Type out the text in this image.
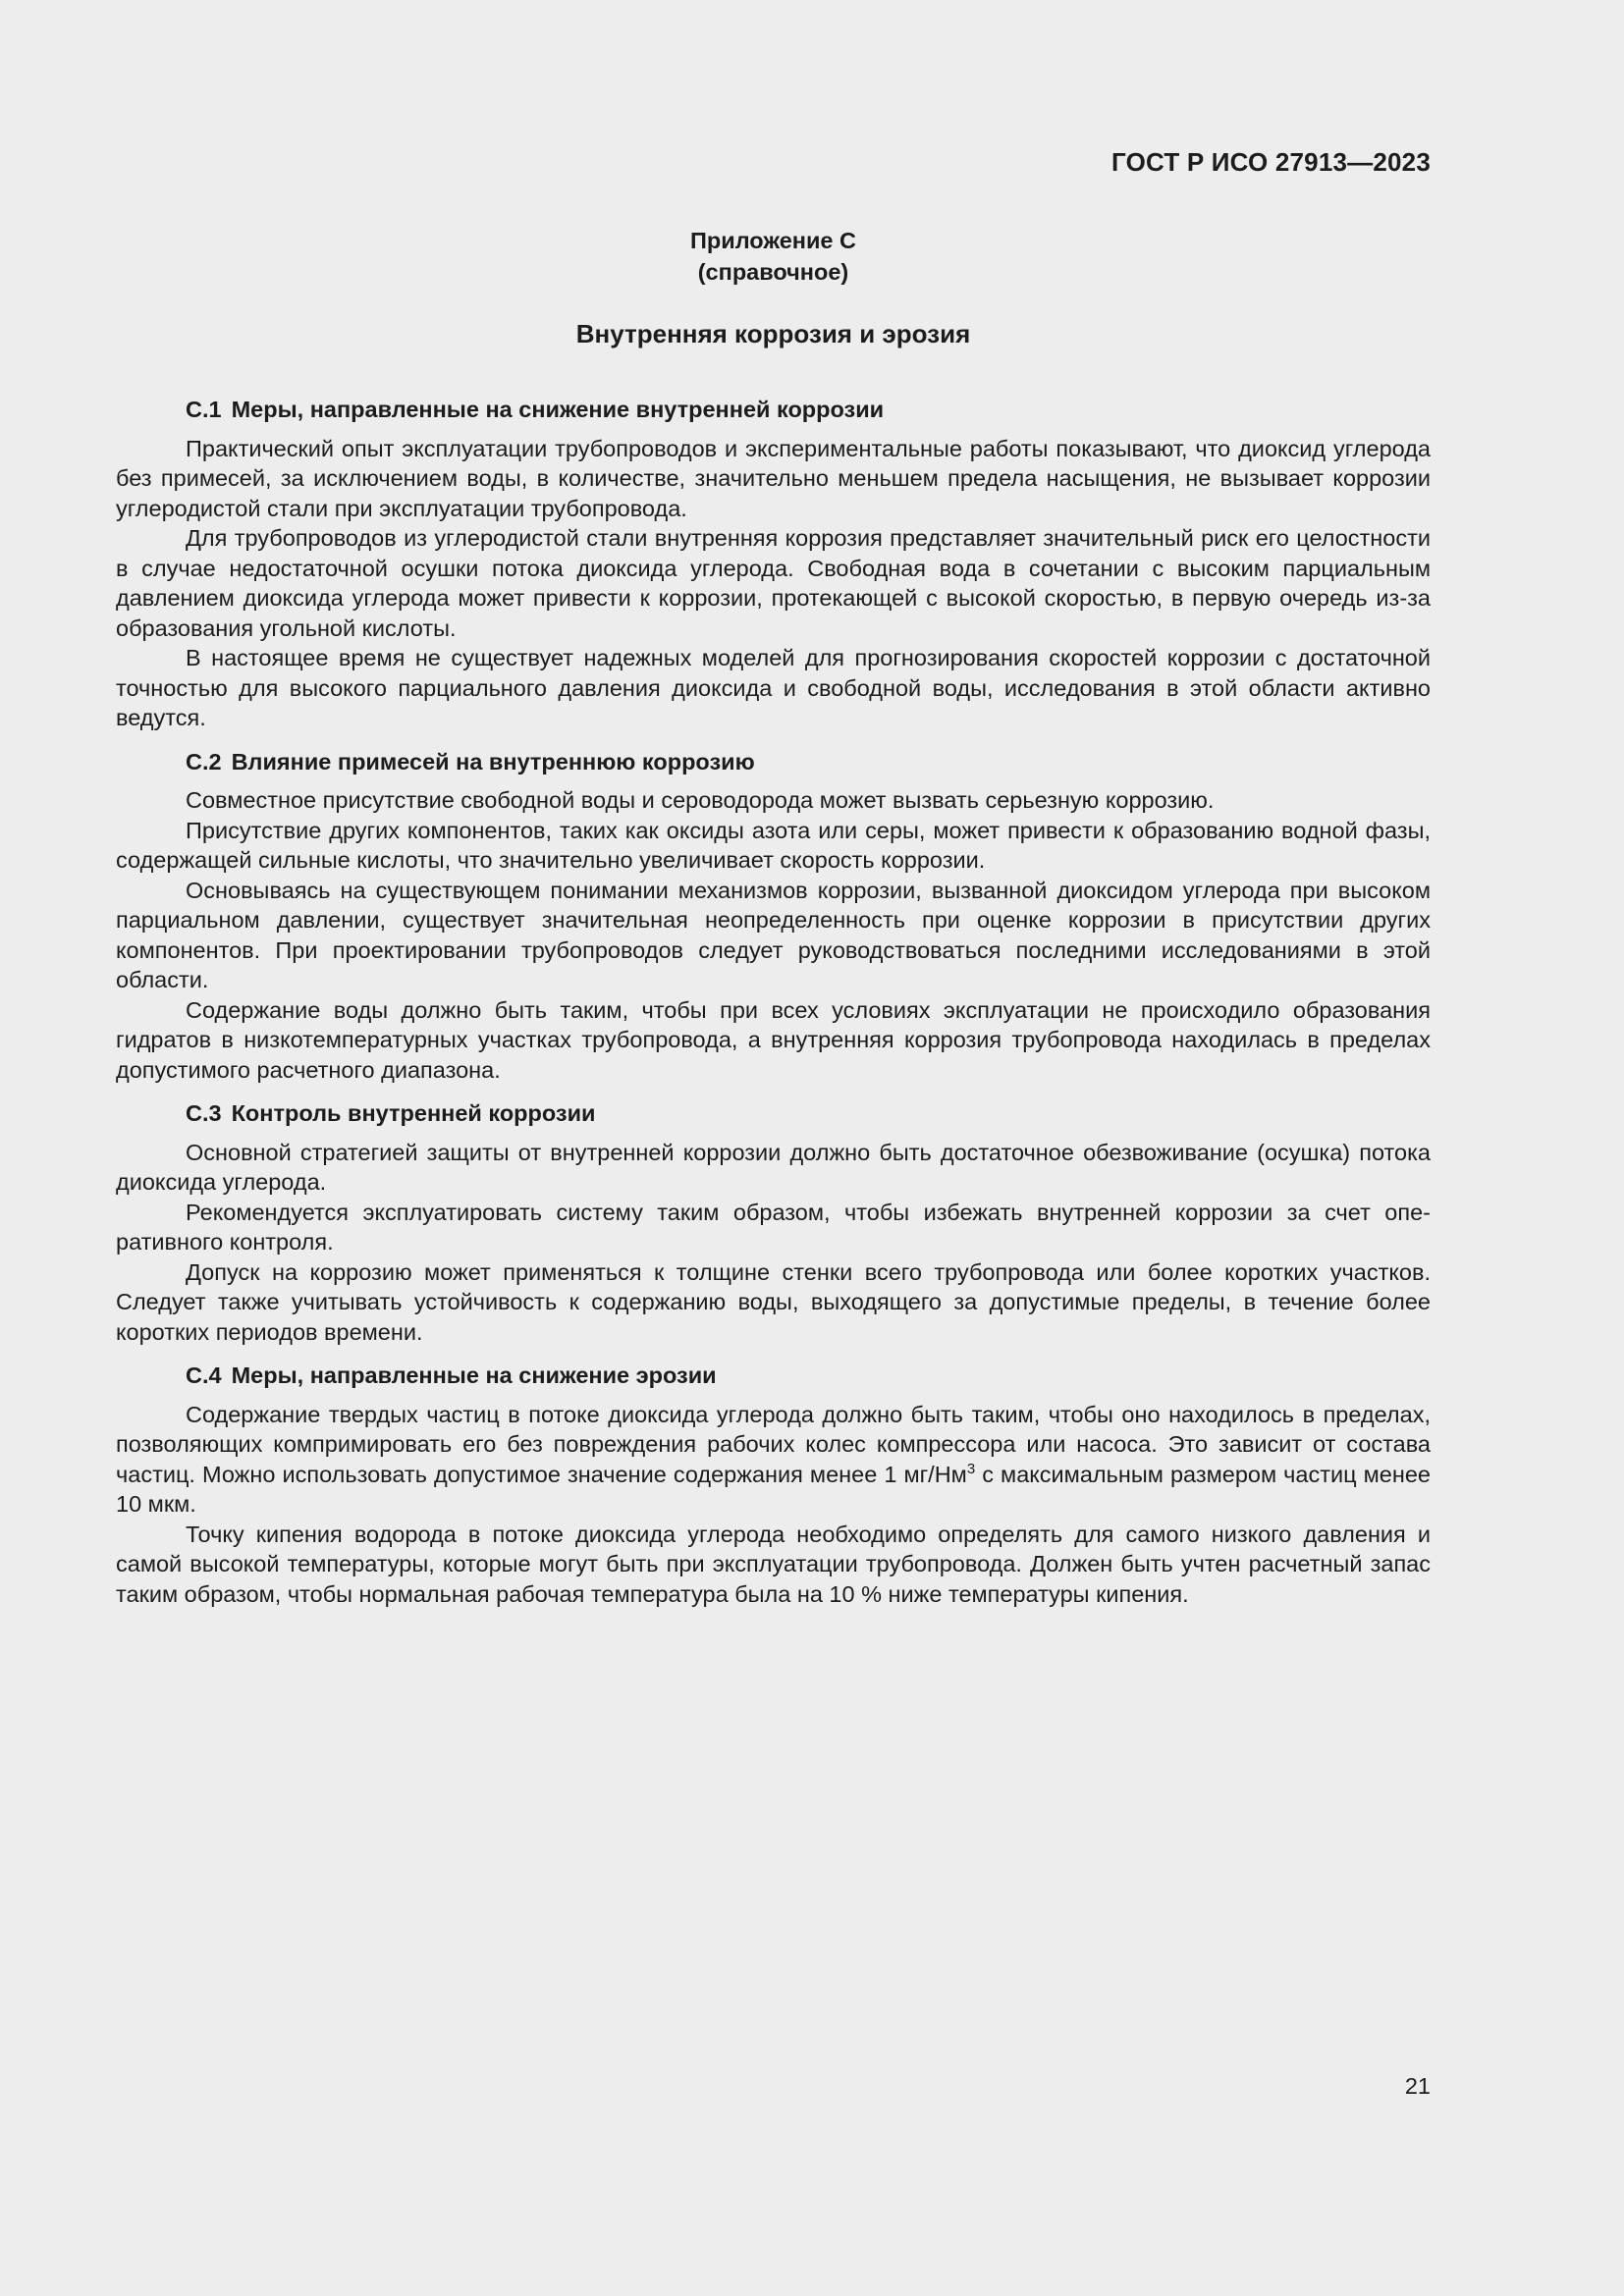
ГОСТ Р ИСО 27913—2023
Приложение С
(справочное)
Внутренняя коррозия и эрозия
С.1 Меры, направленные на снижение внутренней коррозии

Практический опыт эксплуатации трубопроводов и экспериментальные работы показывают, что диоксид углерода без примесей, за исключением воды, в количестве, значительно меньшем предела насыщения, не вызывает коррозии углеродистой стали при эксплуатации трубопровода.

Для трубопроводов из углеродистой стали внутренняя коррозия представляет значительный риск его целостности в случае недостаточной осушки потока диоксида углерода. Свободная вода в сочетании с высоким парциальным давлением диоксида углерода может привести к коррозии, протекающей с высокой скоростью, в первую очередь из-за образования угольной кислоты.

В настоящее время не существует надежных моделей для прогнозирования скоростей коррозии с достаточной точностью для высокого парциального давления диоксида и свободной воды, исследования в этой области активно ведутся.

С.2 Влияние примесей на внутреннюю коррозию

Совместное присутствие свободной воды и сероводорода может вызвать серьезную коррозию.

Присутствие других компонентов, таких как оксиды азота или серы, может привести к образованию водной фазы, содержащей сильные кислоты, что значительно увеличивает скорость коррозии.

Основываясь на существующем понимании механизмов коррозии, вызванной диоксидом углерода при высоком парциальном давлении, существует значительная неопределенность при оценке коррозии в присутствии других компонентов. При проектировании трубопроводов следует руководствоваться последними исследованиями в этой области.

Содержание воды должно быть таким, чтобы при всех условиях эксплуатации не происходило образования гидратов в низкотемпературных участках трубопровода, а внутренняя коррозия трубопровода находилась в пределах допустимого расчетного диапазона.

С.3 Контроль внутренней коррозии

Основной стратегией защиты от внутренней коррозии должно быть достаточное обезвоживание (осушка) потока диоксида углерода.

Рекомендуется эксплуатировать систему таким образом, чтобы избежать внутренней коррозии за счет оперативного контроля.

Допуск на коррозию может применяться к толщине стенки всего трубопровода или более коротких участков. Следует также учитывать устойчивость к содержанию воды, выходящего за допустимые пределы, в течение более коротких периодов времени.

С.4 Меры, направленные на снижение эрозии

Содержание твердых частиц в потоке диоксида углерода должно быть таким, чтобы оно находилось в пределах, позволяющих компримировать его без повреждения рабочих колес компрессора или насоса. Это зависит от состава частиц. Можно использовать допустимое значение содержания менее 1 $мг/Нм^3$ с максимальным размером частиц менее 10 мкм.

Точку кипения водорода в потоке диоксида углерода необходимо определять для самого низкого давления и самой высокой температуры, которые могут быть при эксплуатации трубопровода. Должен быть учтен расчетный запас таким образом, чтобы нормальная рабочая температура была на 10 % ниже температуры кипения.

21
